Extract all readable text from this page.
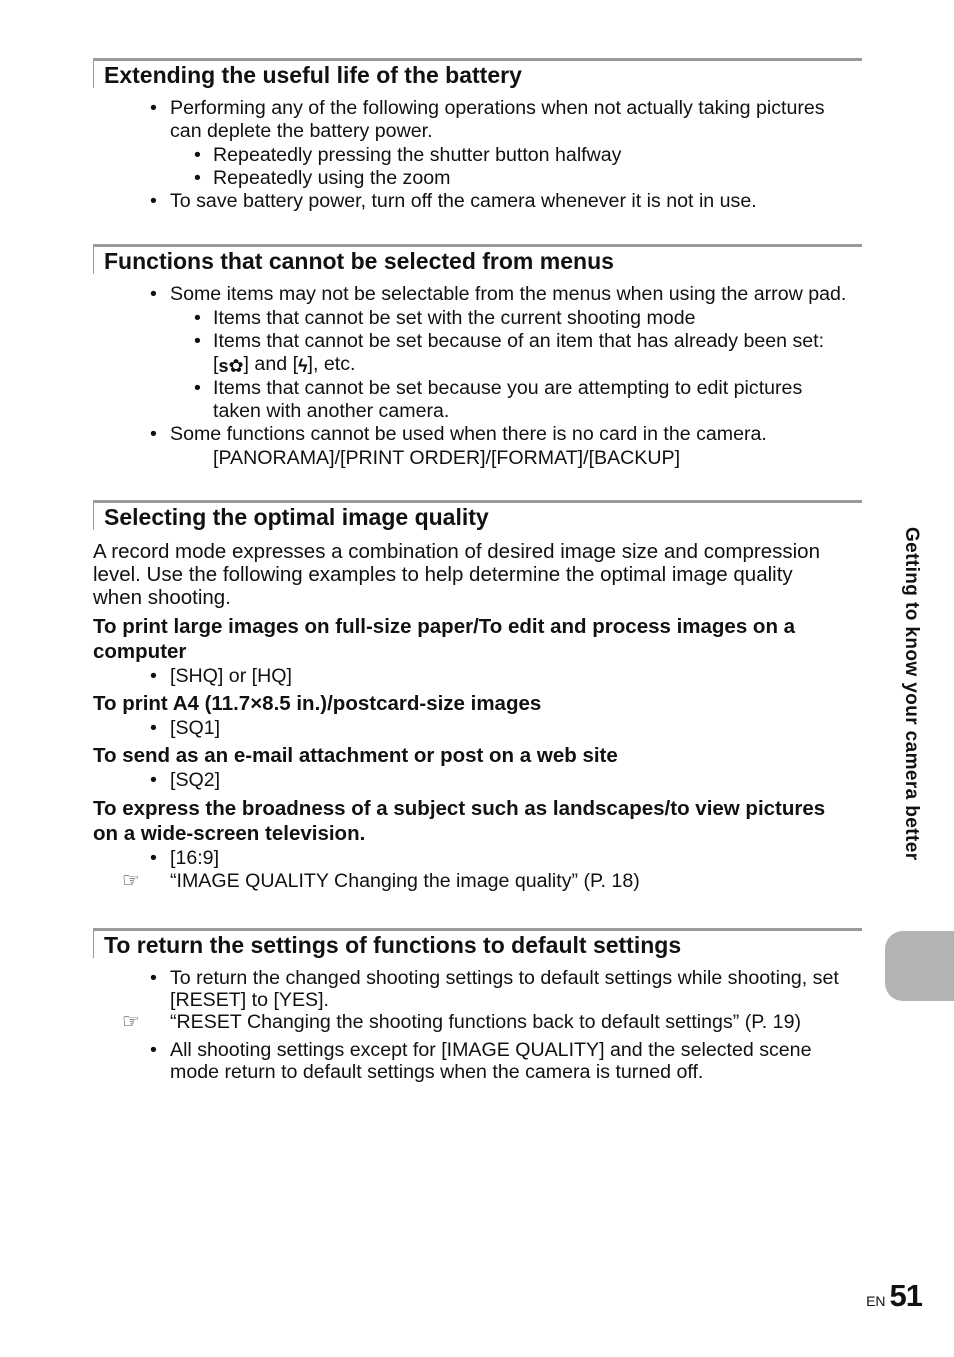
Extending the useful life of the battery
• Performing any of the following operations when not actually taking pictures
can deplete the battery power.
• Repeatedly pressing the shutter button halfway
• Repeatedly using the zoom
• To save battery power, turn off the camera whenever it is not in use.
Functions that cannot be selected from menus
• Some items may not be selectable from the menus when using the arrow pad.
• Items that cannot be set with the current shooting mode
• Items that cannot be set because of an item that has already been set:
[s✿] and [ϟ], etc.
• Items that cannot be set because you are attempting to edit pictures
taken with another camera.
• Some functions cannot be used when there is no card in the camera.
[PANORAMA]/[PRINT ORDER]/[FORMAT]/[BACKUP]
Selecting the optimal image quality
A record mode expresses a combination of desired image size and compression
level. Use the following examples to help determine the optimal image quality
when shooting.
To print large images on full-size paper/To edit and process images on a
computer
• [SHQ] or [HQ]
To print A4 (11.7×8.5 in.)/postcard-size images
• [SQ1]
To send as an e-mail attachment or post on a web site
• [SQ2]
To express the broadness of a subject such as landscapes/to view pictures
on a wide-screen television.
• [16:9]
☞ “IMAGE QUALITY Changing the image quality” (P. 18)
To return the settings of functions to default settings
• To return the changed shooting settings to default settings while shooting, set
[RESET] to [YES].
☞ “RESET Changing the shooting functions back to default settings” (P. 19)
• All shooting settings except for [IMAGE QUALITY] and the selected scene
mode return to default settings when the camera is turned off.
Getting to know your camera better
EN 51
